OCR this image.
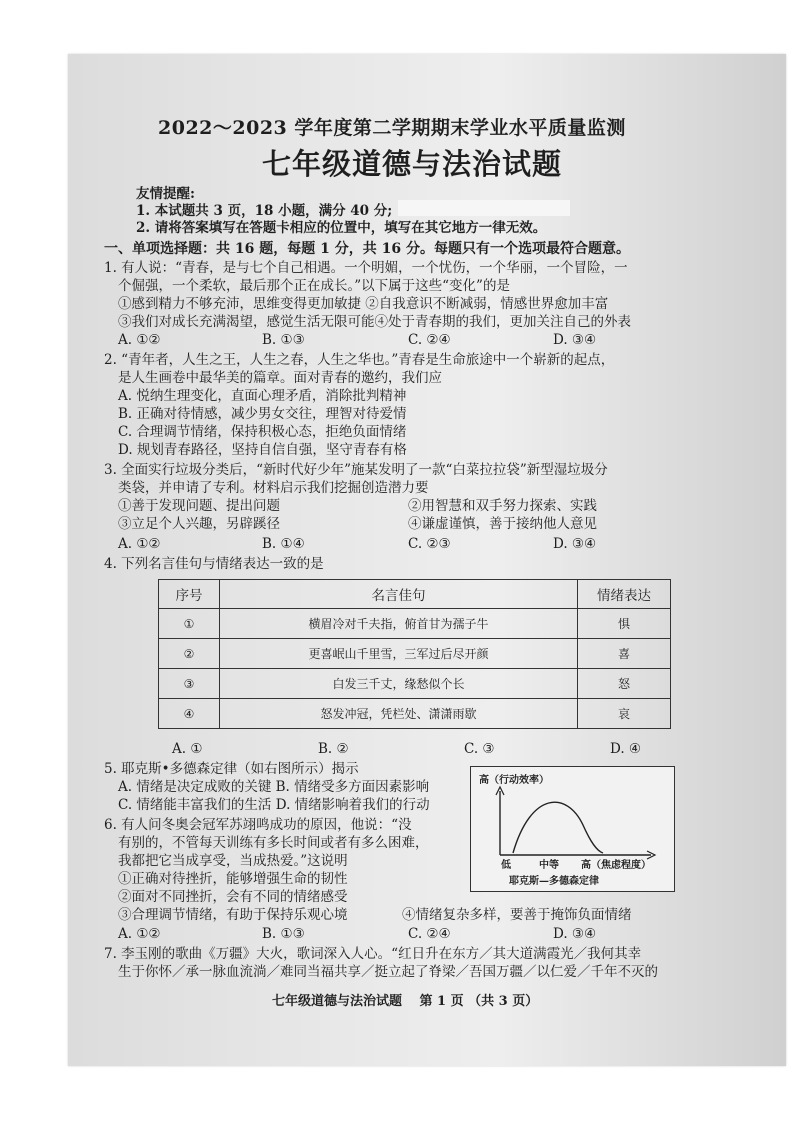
2022～2023 学年度第二学期期末学业水平质量监测
七年级道德与法治试题
友情提醒:
1. 本试题共 3 页，18 小题，满分 40 分;
2. 请将答案填写在答题卡相应的位置中，填写在其它地方一律无效。
一、单项选择题：共 16 题，每题 1 分，共 16 分。每题只有一个选项最符合题意。
1. 有人说：“青春，是与七个自己相遇。一个明媚，一个忧伤，一个华丽，一个冒险，一
个倔强，一个柔软，最后那个正在成长。”以下属于这些“变化”的是
①感到精力不够充沛，思维变得更加敏捷 ②自我意识不断减弱，情感世界愈加丰富
③我们对成长充满渴望，感觉生活无限可能④处于青春期的我们，更加关注自己的外表
A. ①②	B. ①③	C. ②④	D. ③④
2. “青年者，人生之王，人生之春，人生之华也。”青春是生命旅途中一个崭新的起点，
是人生画卷中最华美的篇章。面对青春的邀约，我们应
A. 悦纳生理变化，直面心理矛盾，消除批判精神
B. 正确对待情感，减少男女交往，理智对待爱情
C. 合理调节情绪，保持积极心态，拒绝负面情绪
D. 规划青春路径，坚持自信自强，坚守青春有格
3. 全面实行垃圾分类后，“新时代好少年”施某发明了一款“白菜拉拉袋”新型湿垃圾分
类袋，并申请了专利。材料启示我们挖掘创造潜力要
①善于发现问题、提出问题	②用智慧和双手努力探索、实践
③立足个人兴趣，另辟蹊径	④谦虚谨慎，善于接纳他人意见
A. ①②	B. ①④	C. ②③	D. ③④
4. 下列名言佳句与情绪表达一致的是
序号	名言佳句	情绪表达
①	横眉冷对千夫指，俯首甘为孺子牛	惧
②	更喜岷山千里雪，三军过后尽开颜	喜
③	白发三千丈，缘愁似个长	怒
④	怒发冲冠，凭栏处、潇潇雨歇	哀
A. ①	B. ②	C. ③	D. ④
5. 耶克斯•多德森定律（如右图所示）揭示
A. 情绪是决定成败的关键 B. 情绪受多方面因素影响
C. 情绪能丰富我们的生活 D. 情绪影响着我们的行动
高（行动效率）
低	中等 高（焦虑程度）
耶克斯—多德森定律
6. 有人问冬奥会冠军苏翊鸣成功的原因，他说：“没
有别的，不管每天训练有多长时间或者有多么困难，
我都把它当成享受，当成热爱。”这说明
①正确对待挫折，能够增强生命的韧性
②面对不同挫折，会有不同的情绪感受
③合理调节情绪，有助于保持乐观心境	④情绪复杂多样，要善于掩饰负面情绪
A. ①②	B. ①③	C. ②④	D. ③④
7. 李玉刚的歌曲《万疆》大火，歌词深入人心。“红日升在东方／其大道满霞光／我何其幸
生于你怀／承一脉血流淌／难同当福共享／挺立起了脊梁／吾国万疆／以仁爱／千年不灭的
七年级道德与法治试题　 第 1 页 （共 3 页）
